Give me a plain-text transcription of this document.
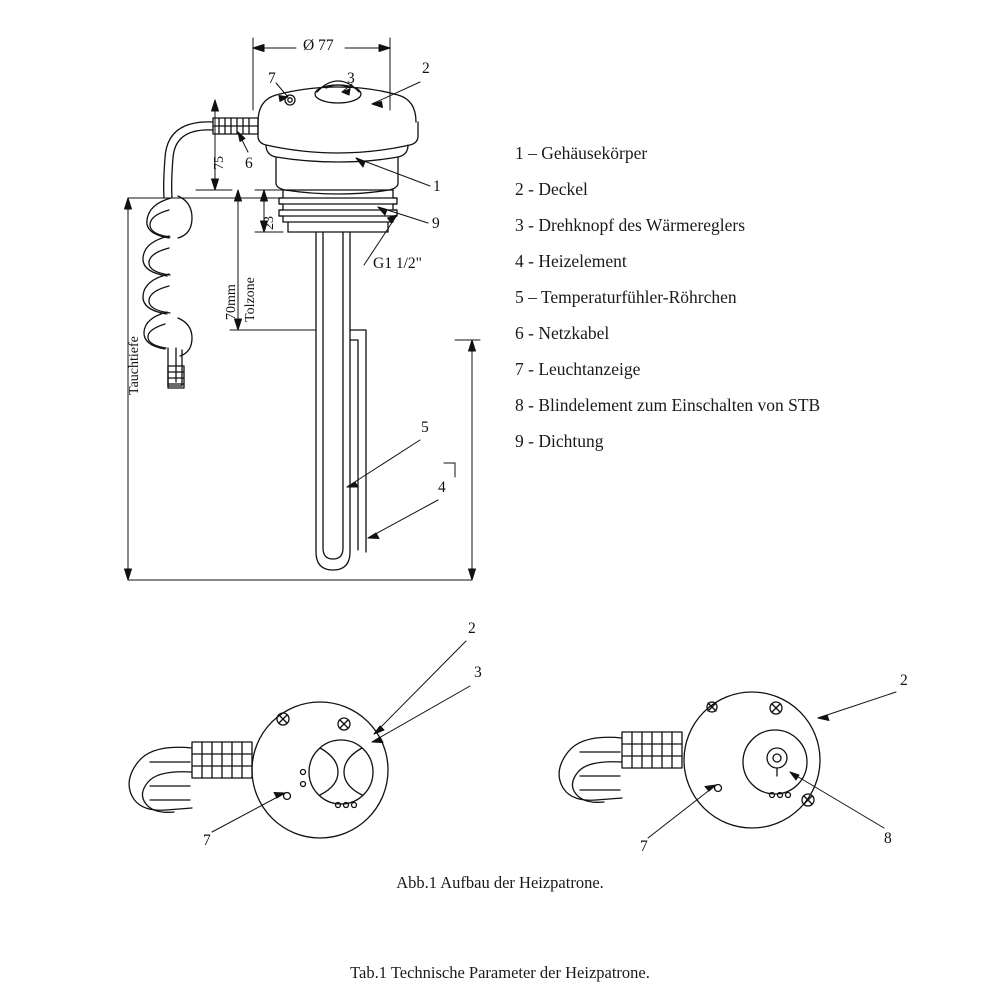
Ø 77
G1 1/2"
75
23
70mm Tolzone
Tauchtiefe
7	3
2
6
1
9
5
4
2
3
7
2
7	8
1 – Gehäusekörper
2 - Deckel
3 - Drehknopf des Wärmereglers
4 - Heizelement
5 – Temperaturfühler-Röhrchen
6 - Netzkabel
7 - Leuchtanzeige
8 - Blindelement zum Einschalten von STB
9 - Dichtung
Abb.1 Aufbau der Heizpatrone.
Tab.1 Technische Parameter der Heizpatrone.
